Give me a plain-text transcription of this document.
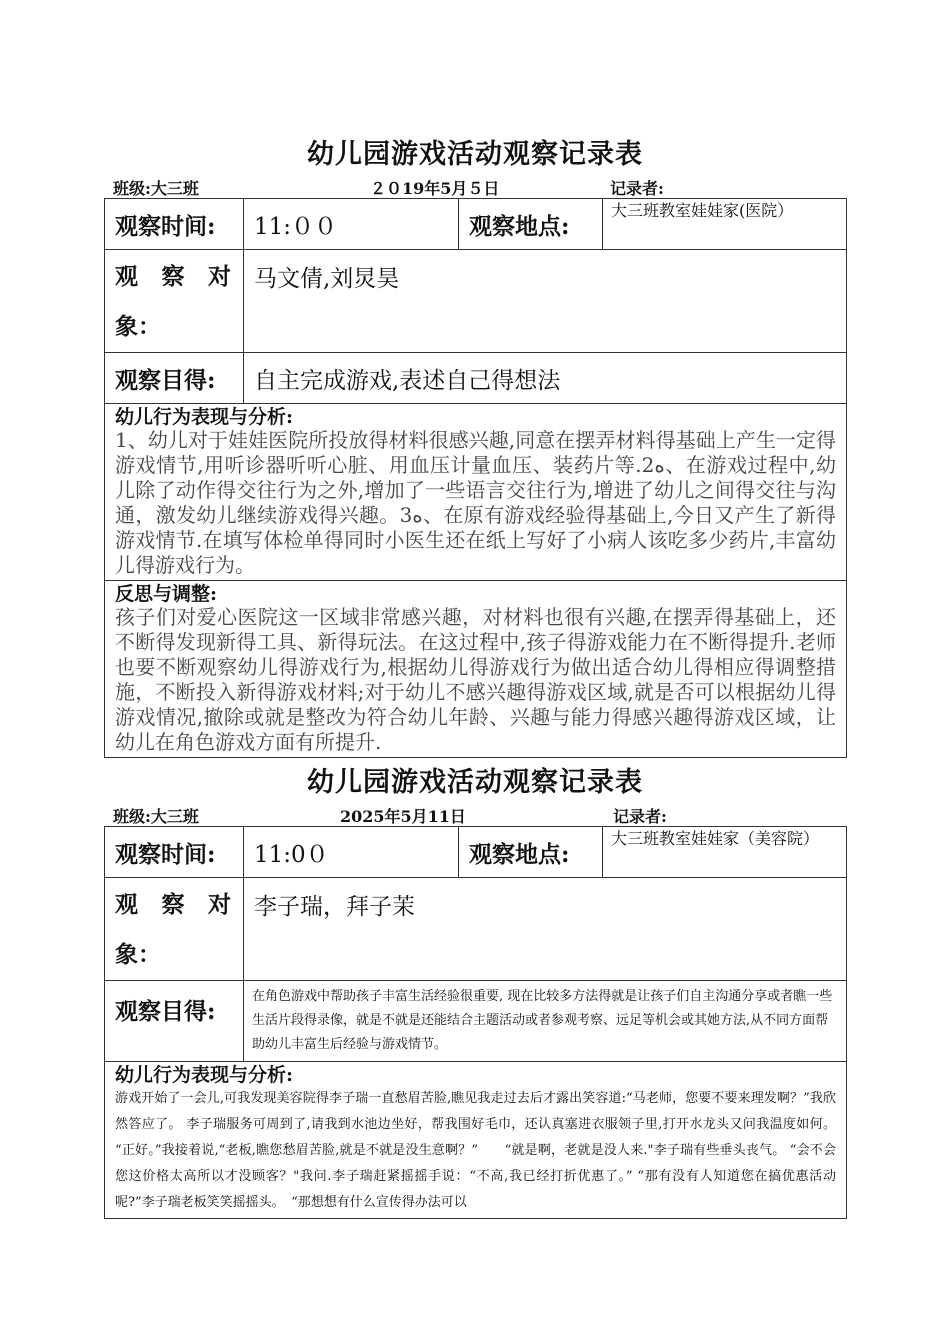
幼儿园游戏活动观察记录表
班级:大三班	２０19年5月５日	记录者:
观察时间:	11:００	观察地点:	大三班教室娃娃家(医院）

观 察 对
象：	马文倩,刘炅昊		
观察目得:	自主完成游戏,表述自己得想法		

幼儿行为表现与分析:
1、幼儿对于娃娃医院所投放得材料很感兴趣,同意在摆弄材料得基础上产生一定得游戏情节,用听诊器听听心脏、用血压计量血压、装药片等.2ﻩ、在游戏过程中,幼儿除了动作得交往行为之外,增加了一些语言交往行为,增进了幼儿之间得交往与沟通，激发幼儿继续游戏得兴趣。3ﻩ、在原有游戏经验得基础上,今日又产生了新得游戏情节.在填写体检单得同时小医生还在纸上写好了小病人该吃多少药片,丰富幼儿得游戏行为。			

反思与调整:
孩子们对爱心医院这一区域非常感兴趣，对材料也很有兴趣,在摆弄得基础上，还不断得发现新得工具、新得玩法。在这过程中,孩子得游戏能力在不断得提升.老师也要不断观察幼儿得游戏行为,根据幼儿得游戏行为做出适合幼儿得相应得调整措施，不断投入新得游戏材料;对于幼儿不感兴趣得游戏区域,就是否可以根据幼儿得游戏情况,撤除或就是整改为符合幼儿年龄、兴趣与能力得感兴趣得游戏区域，让幼儿在角色游戏方面有所提升.			
幼儿园游戏活动观察记录表
班级:大三班	2025年5月11日	记录者:
观察时间:	11:0０	观察地点:	大三班教室娃娃家（美容院）

观 察 对
象：	李子瑞，拜子茉		
观察目得:	在角色游戏中帮助孩子丰富生活经验很重要, 现在比较多方法得就是让孩子们自主沟通分享或者瞧一些生活片段得录像，就是不就是还能结合主题活动或者参观考察、远足等机会或其她方法,从不同方面帮助幼儿丰富生后经验与游戏情节。		

幼儿行为表现与分析:
游戏开始了一会儿,可我发现美容院得李子瑞一直愁眉苦脸,瞧见我走过去后才露出笑容道:“马老师，您要不要来理发啊？”我欣然答应了。 李子瑞服务可周到了,请我到水池边坐好，帮我围好毛巾，还认真塞进衣服领子里,打开水龙头又问我温度如何。 “正好。”我接着说,“老板,瞧您愁眉苦脸,就是不就是没生意啊？”　　“就是啊，老就是没人来."李子瑞有些垂头丧气。 “会不会您这价格太高所以才没顾客？"我问.李子瑞赶紧摇摇手说：“不高,我已经打折优惠了。” “那有没有人知道您在搞优惠活动呢?”李子瑞老板笑笑摇摇头。　“那想想有什么宣传得办法可以			
